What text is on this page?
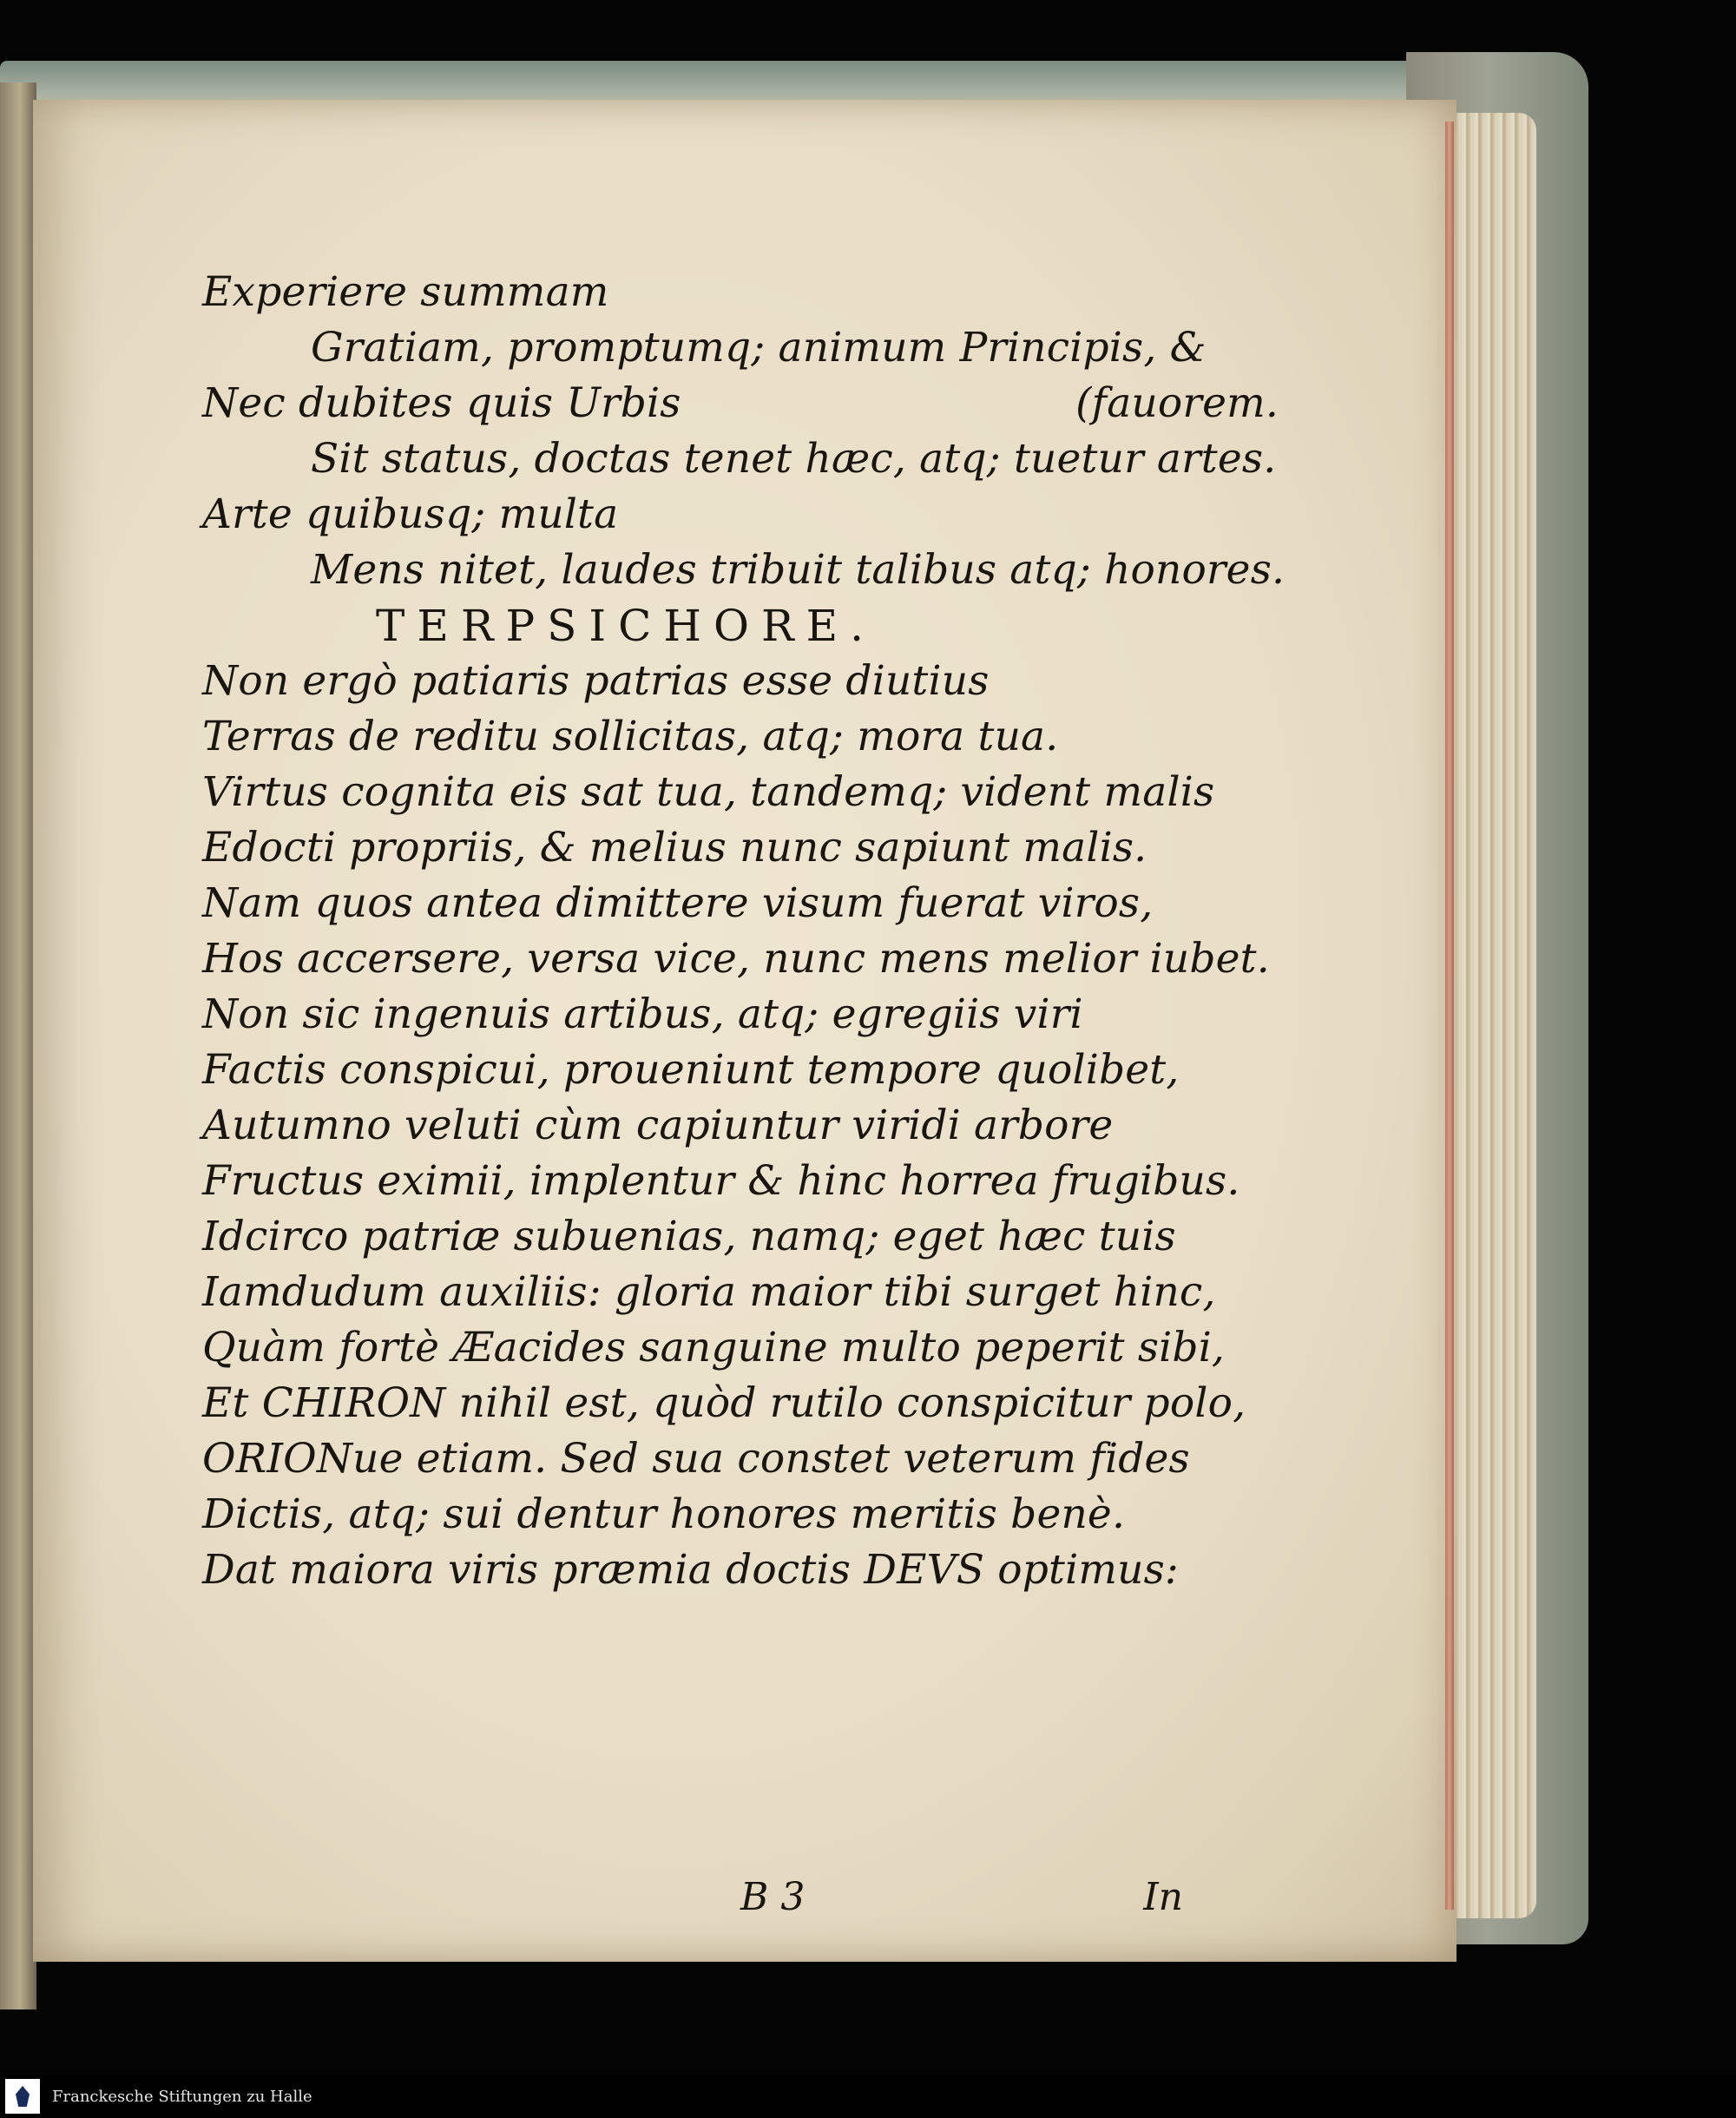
Experiere summam
Gratiam, promptumq; animum Principis, &
Nec dubites quis Urbis	(fauorem.
Sit status, doctas tenet hæc, atq; tuetur artes.
Arte quibusq; multa
Mens nitet, laudes tribuit talibus atq; honores.
TERPSICHORE.
Non ergò patiaris patrias esse diutius
Terras de reditu sollicitas, atq; mora tua.
Virtus cognita eis sat tua, tandemq; vident malis
Edocti propriis, & melius nunc sapiunt malis.
Nam quos antea dimittere visum fuerat viros,
Hos accersere, versa vice, nunc mens melior iubet.
Non sic ingenuis artibus, atq; egregiis viri
Factis conspicui, proueniunt tempore quolibet,
Autumno veluti cùm capiuntur viridi arbore
Fructus eximii, implentur & hinc horrea frugibus.
Idcirco patriæ subuenias, namq; eget hæc tuis
Iamdudum auxiliis: gloria maior tibi surget hinc,
Quàm fortè Æacides sanguine multo peperit sibi,
Et CHIRON nihil est, quòd rutilo conspicitur polo,
ORIONue etiam. Sed sua constet veterum fides
Dictis, atq; sui dentur honores meritis benè.
Dat maiora viris præmia doctis DEVS optimus:
B 3	In
Franckesche Stiftungen zu Halle
